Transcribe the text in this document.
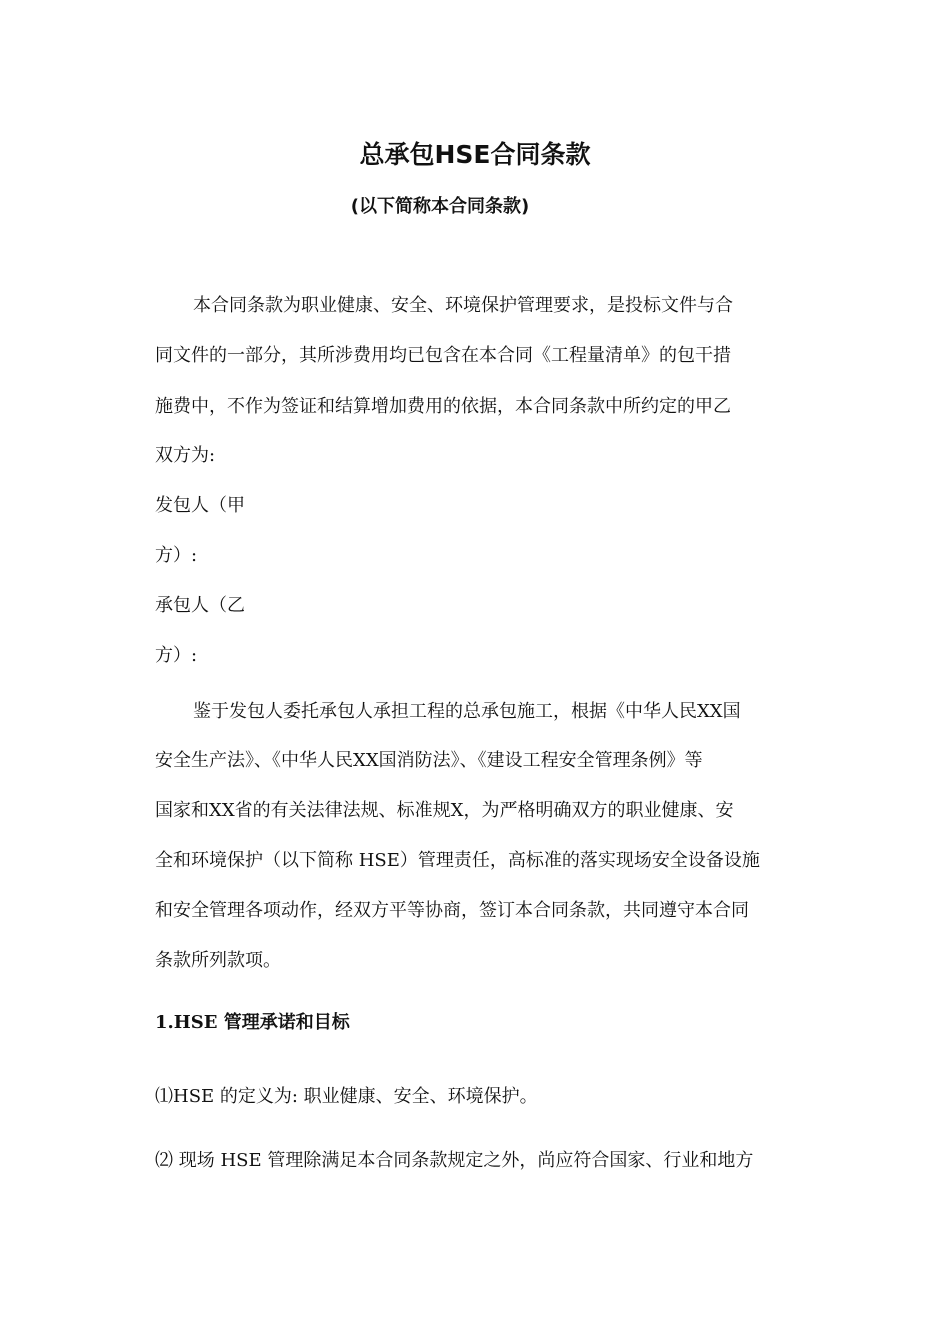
总承包HSE合同条款
(以下简称本合同条款)
本合同条款为职业健康、安全、环境保护管理要求，是投标文件与合
同文件的一部分，其所涉费用均已包含在本合同《工程量清单》的包干措
施费中，不作为签证和结算增加费用的依据，本合同条款中所约定的甲乙
双方为:
发包人（甲
方）:
承包人（乙
方）:
鉴于发包人委托承包人承担工程的总承包施工，根据《中华人民XX国
安全生产法》、《中华人民XX国消防法》、《建设工程安全管理条例》等
国家和XX省的有关法律法规、标准规X，为严格明确双方的职业健康、安
全和环境保护（以下简称 HSE）管理责任，高标准的落实现场安全设备设施
和安全管理各项动作，经双方平等协商，签订本合同条款，共同遵守本合同
条款所列款项。
1.HSE 管理承诺和目标
⑴HSE 的定义为: 职业健康、安全、环境保护。
⑵ 现场 HSE 管理除满足本合同条款规定之外，尚应符合国家、行业和地方
